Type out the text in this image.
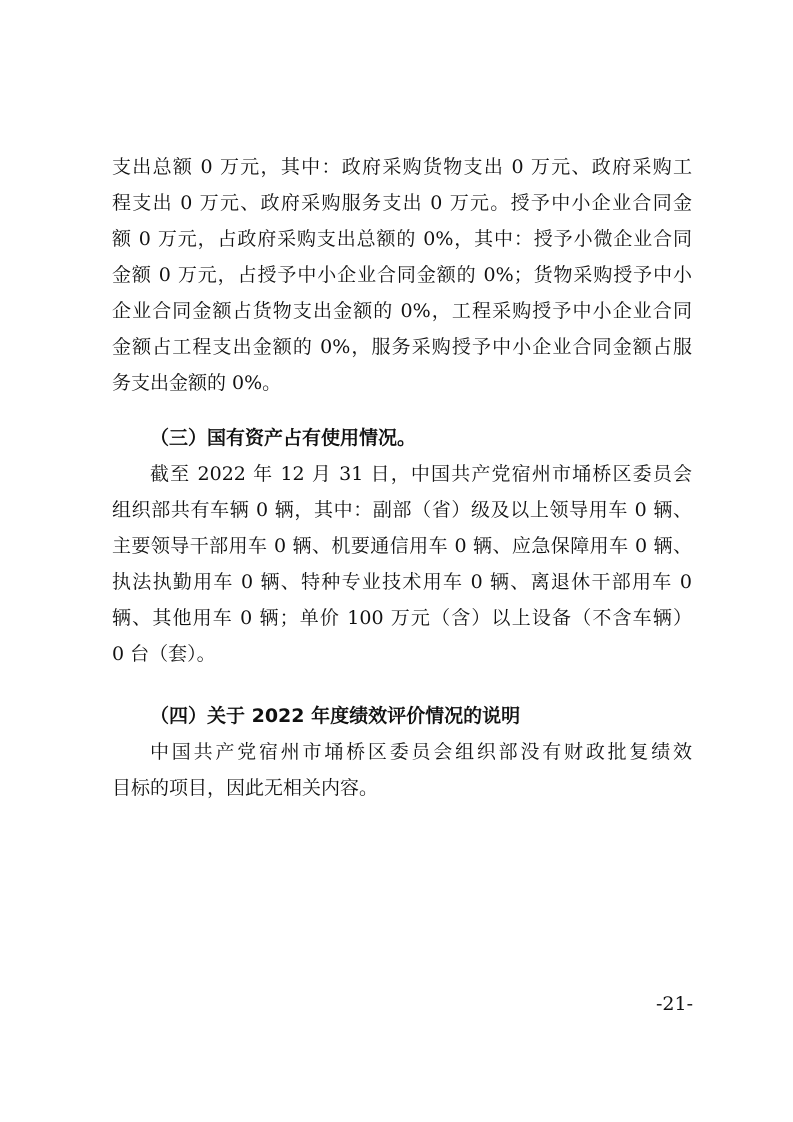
支出总额 0 万元，其中：政府采购货物支出 0 万元、政府采购工
程支出 0 万元、政府采购服务支出 0 万元。授予中小企业合同金
额 0 万元，占政府采购支出总额的 0%，其中：授予小微企业合同
金额 0 万元，占授予中小企业合同金额的 0%；货物采购授予中小
企业合同金额占货物支出金额的 0%，工程采购授予中小企业合同
金额占工程支出金额的 0%，服务采购授予中小企业合同金额占服
务支出金额的 0%。
（三）国有资产占有使用情况。
截至 2022 年 12 月 31 日，中国共产党宿州市埇桥区委员会
组织部共有车辆 0 辆，其中：副部（省）级及以上领导用车 0 辆、
主要领导干部用车 0 辆、机要通信用车 0 辆、应急保障用车 0 辆、
执法执勤用车 0 辆、特种专业技术用车 0 辆、离退休干部用车 0
辆、其他用车 0 辆；单价 100 万元（含）以上设备（不含车辆）
0 台（套）。
（四）关于 2022 年度绩效评价情况的说明
中国共产党宿州市埇桥区委员会组织部没有财政批复绩效
目标的项目，因此无相关内容。
-21-
